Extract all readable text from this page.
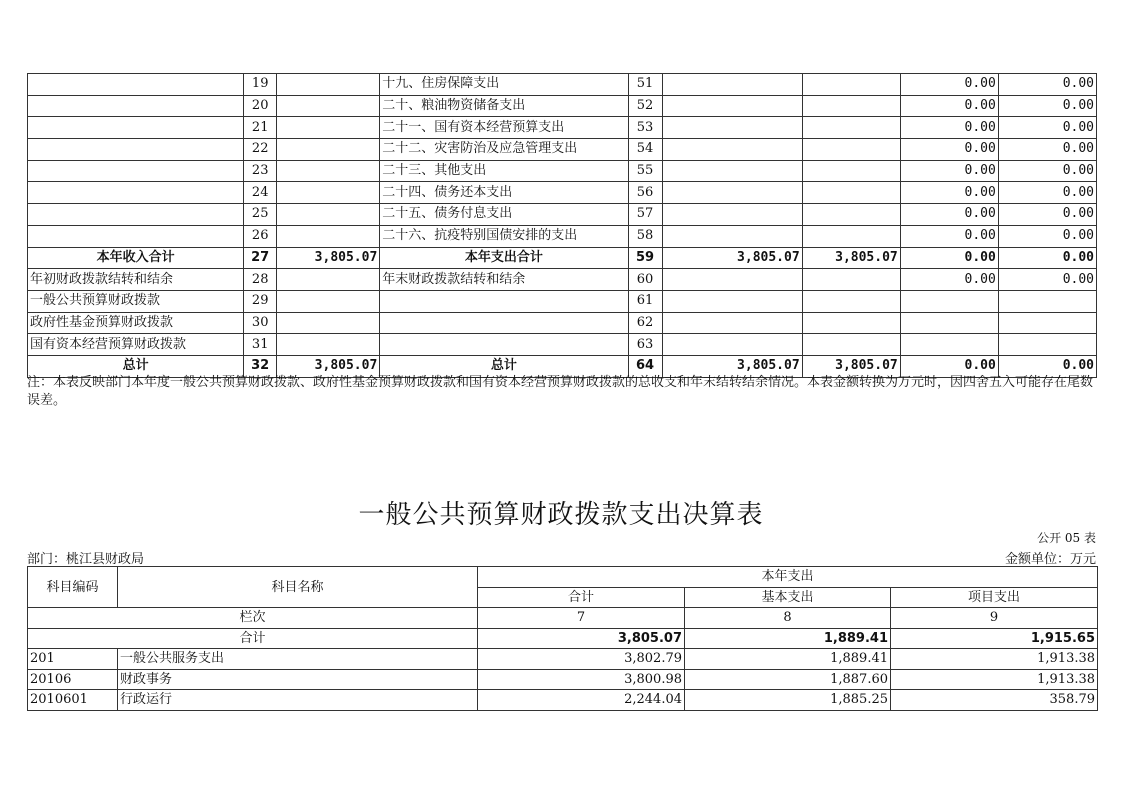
	19		十九、住房保障支出	51			0.00	0.00
	20		二十、粮油物资储备支出	52			0.00	0.00
	21		二十一、国有资本经营预算支出	53			0.00	0.00
	22		二十二、灾害防治及应急管理支出	54			0.00	0.00
	23		二十三、其他支出	55			0.00	0.00
	24		二十四、债务还本支出	56			0.00	0.00
	25		二十五、债务付息支出	57			0.00	0.00
	26		二十六、抗疫特别国债安排的支出	58			0.00	0.00
本年收入合计	27	3,805.07	本年支出合计	59	3,805.07	3,805.07	0.00	0.00
年初财政拨款结转和结余	28		年末财政拨款结转和结余	60			0.00	0.00
一般公共预算财政拨款	29			61				
政府性基金预算财政拨款	30			62				
国有资本经营预算财政拨款	31			63				
总计	32	3,805.07	总计	64	3,805.07	3,805.07	0.00	0.00
注：本表反映部门本年度一般公共预算财政拨款、政府性基金预算财政拨款和国有资本经营预算财政拨款的总收支和年末结转结余情况。本表金额转换为万元时，因四舍五入可能存在尾数误差。
一般公共预算财政拨款支出决算表
公开 05 表
部门：桃江县财政局	金额单位：万元
科目编码	科目名称	本年支出		
		合计	基本支出	项目支出
栏次		7	8	9
合计		3,805.07	1,889.41	1,915.65
201	一般公共服务支出	3,802.79	1,889.41	1,913.38
20106	财政事务	3,800.98	1,887.60	1,913.38
2010601	行政运行	2,244.04	1,885.25	358.79
